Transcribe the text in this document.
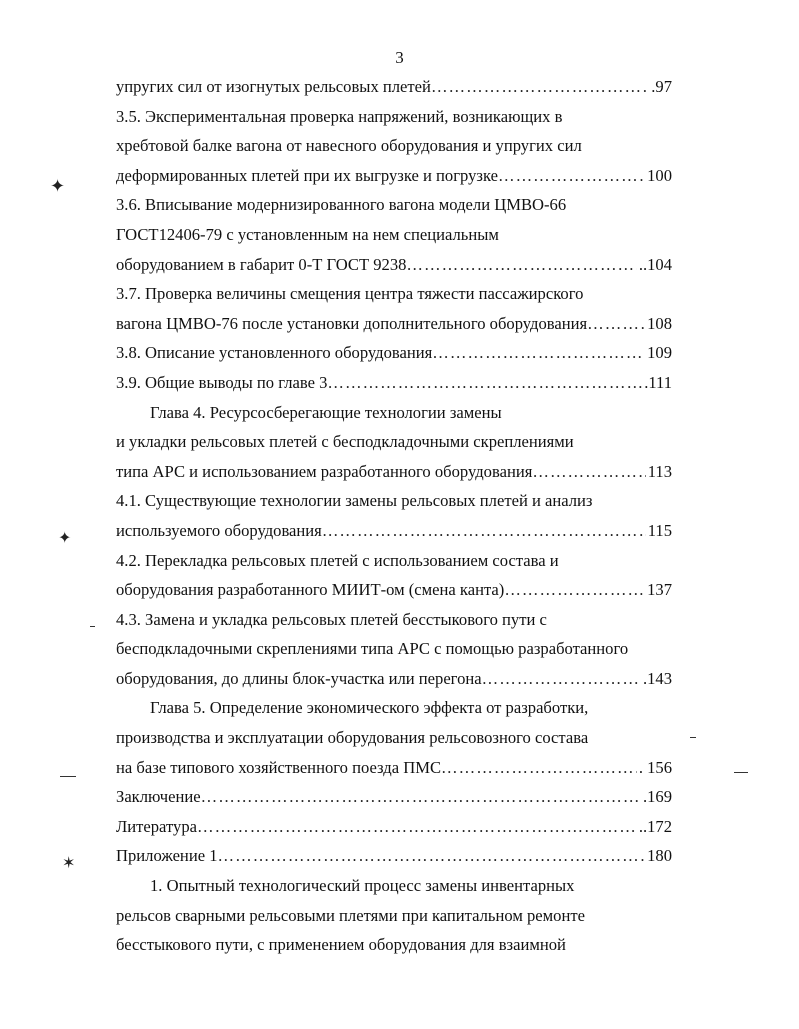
3
упругих сил от изогнутых рельсовых плетей ……………………………………………………………………………………………………………………………………………………………………	.97
3.5. Экспериментальная проверка напряжений, возникающих в
хребтовой балке вагона от навесного оборудования и упругих сил
деформированных плетей при их выгрузке и погрузке ……………………………………………………………………………………………………………………………………………………………………	100
3.6. Вписывание модернизированного вагона модели ЦМВО-66
ГОСТ12406-79 с установленным на нем специальным
оборудованием в габарит 0-Т ГОСТ 9238 ……………………………………………………………………………………………………………………………………………………………………	..104
3.7. Проверка величины смещения центра тяжести пассажирского
вагона ЦМВО-76 после установки дополнительного оборудования ……………………………………………………………………………………………………………………………………………………………………	108
3.8. Описание установленного оборудования ……………………………………………………………………………………………………………………………………………………………………	109
3.9. Общие выводы по главе 3 ……………………………………………………………………………………………………………………………………………………………………	.111
Глава 4. Ресурсосберегающие технологии замены
и укладки рельсовых плетей с бесподкладочными скреплениями
типа АРС и использованием разработанного оборудования ……………………………………………………………………………………………………………………………………………………………………	113
4.1. Существующие технологии замены рельсовых плетей и анализ
используемого оборудования ……………………………………………………………………………………………………………………………………………………………………	115
4.2. Перекладка рельсовых плетей с использованием состава и
оборудования разработанного МИИТ-ом (смена канта) ……………………………………………………………………………………………………………………………………………………………………	137
4.3. Замена и укладка рельсовых плетей бесстыкового пути с
бесподкладочными скреплениями типа АРС с помощью разработанного
оборудования, до длины блок-участка или перегона ……………………………………………………………………………………………………………………………………………………………………	.143
Глава 5. Определение экономического эффекта от разработки,
производства и эксплуатации оборудования рельсовозного состава
на базе типового хозяйственного поезда ПМС ……………………………………………………………………………………………………………………………………………………………………	. 156
Заключение ……………………………………………………………………………………………………………………………………………………………………	.169
Литература ……………………………………………………………………………………………………………………………………………………………………	..172
Приложение 1 ……………………………………………………………………………………………………………………………………………………………………	180
1. Опытный технологический процесс замены инвентарных
рельсов сварными рельсовыми плетями при капитальном ремонте
бесстыкового пути, с применением оборудования для взаимной
✦
✦
✶
